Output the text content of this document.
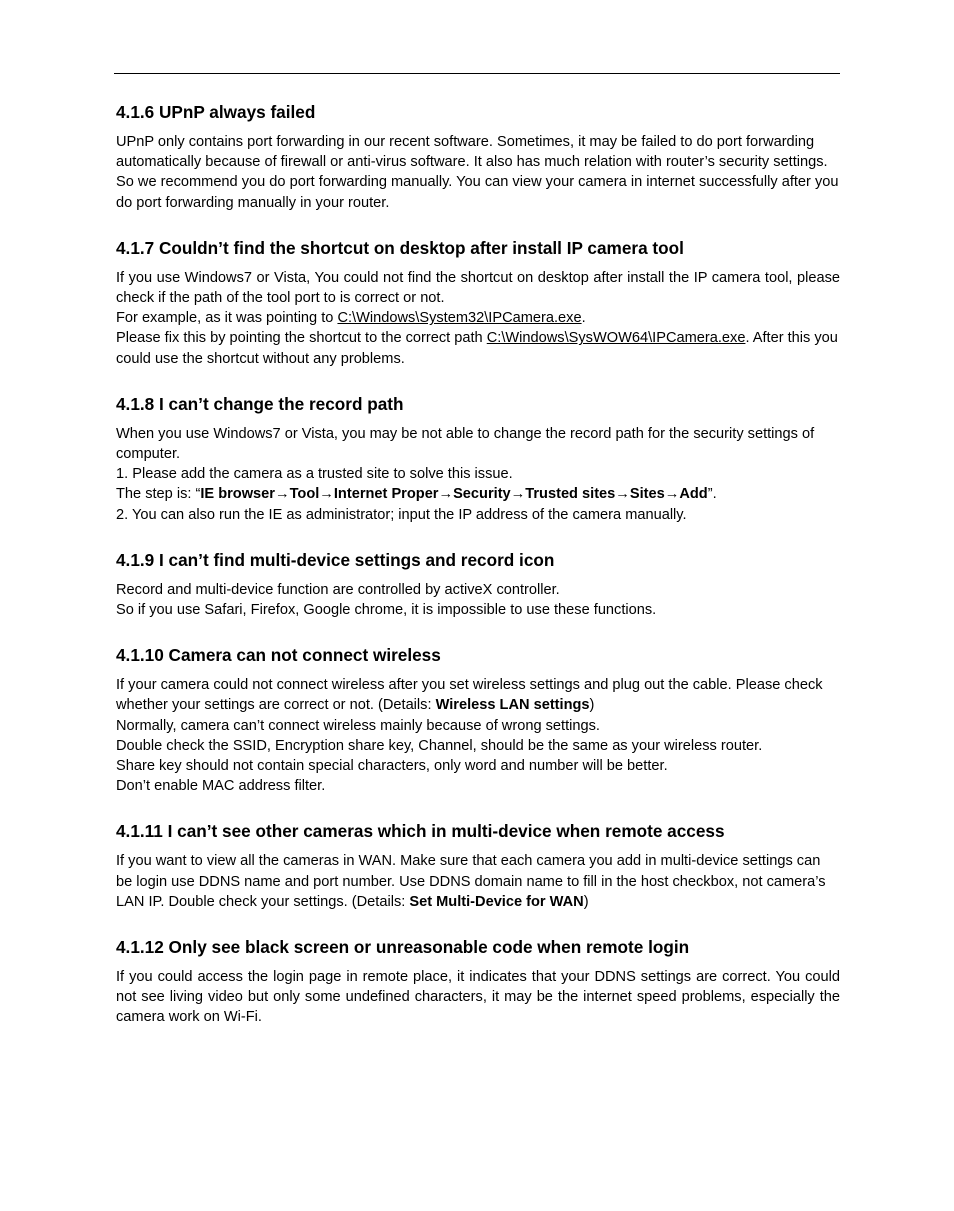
4.1.6 UPnP always failed

UPnP only contains port forwarding in our recent software. Sometimes, it may be failed to do port forwarding automatically because of firewall or anti-virus software. It also has much relation with router’s security settings. So we recommend you do port forwarding manually. You can view your camera in internet successfully after you do port forwarding manually in your router.

4.1.7 Couldn’t find the shortcut on desktop after install IP camera tool

If you use Windows7 or Vista, You could not find the shortcut on desktop after install the IP camera tool, please check if the path of the tool port to is correct or not.

For example, as it was pointing to C:\Windows\System32\IPCamera.exe.

Please fix this by pointing the shortcut to the correct path C:\Windows\SysWOW64\IPCamera.exe. After this you could use the shortcut without any problems.

4.1.8 I can’t change the record path

When you use Windows7 or Vista, you may be not able to change the record path for the security settings of computer.

1. Please add the camera as a trusted site to solve this issue.

The step is: “IE browser→Tool→Internet Proper→Security→Trusted sites→Sites→Add”.

2. You can also run the IE as administrator; input the IP address of the camera manually.

4.1.9 I can’t find multi-device settings and record icon

Record and multi-device function are controlled by activeX controller.

So if you use Safari, Firefox, Google chrome, it is impossible to use these functions.

4.1.10 Camera can not connect wireless

If your camera could not connect wireless after you set wireless settings and plug out the cable. Please check whether your settings are correct or not. (Details: Wireless LAN settings)

Normally, camera can’t connect wireless mainly because of wrong settings.

Double check the SSID, Encryption share key, Channel, should be the same as your wireless router.

Share key should not contain special characters, only word and number will be better.

Don’t enable MAC address filter.

4.1.11 I can’t see other cameras which in multi-device when remote access

If you want to view all the cameras in WAN. Make sure that each camera you add in multi-device settings can be login use DDNS name and port number. Use DDNS domain name to fill in the host checkbox, not camera’s LAN IP. Double check your settings. (Details: Set Multi-Device for WAN)

4.1.12 Only see black screen or unreasonable code when remote login

If you could access the login page in remote place, it indicates that your DDNS settings are correct. You could not see living video but only some undefined characters, it may be the internet speed problems, especially the camera work on Wi-Fi.
